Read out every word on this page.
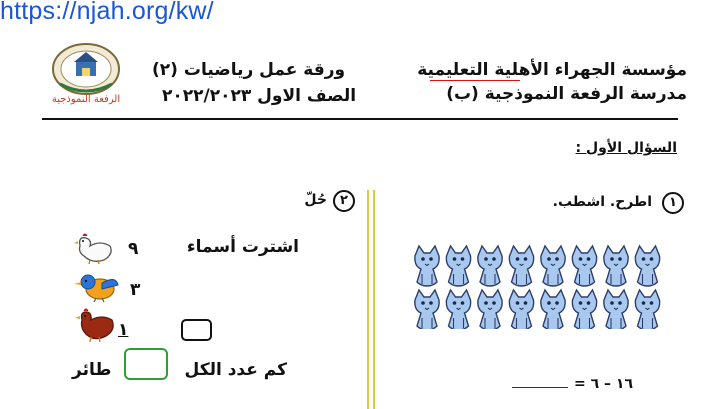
https://njah.org/kw/
الرفعة النموذجية
مؤسسة الجهراء الأهلية التعليمية
مدرسة الرفعة النموذجية (ب)
ورقة عمل رياضيات (٢)
الصف الاول ٢٠٢٢/٢٠٢٣
السؤال الأول :
١
اطرح. اشطب.
١٦ – ٦ =
٢
حُلّ
اشترت أسماء
٩
٣
١
كم عدد الكل
طائر
